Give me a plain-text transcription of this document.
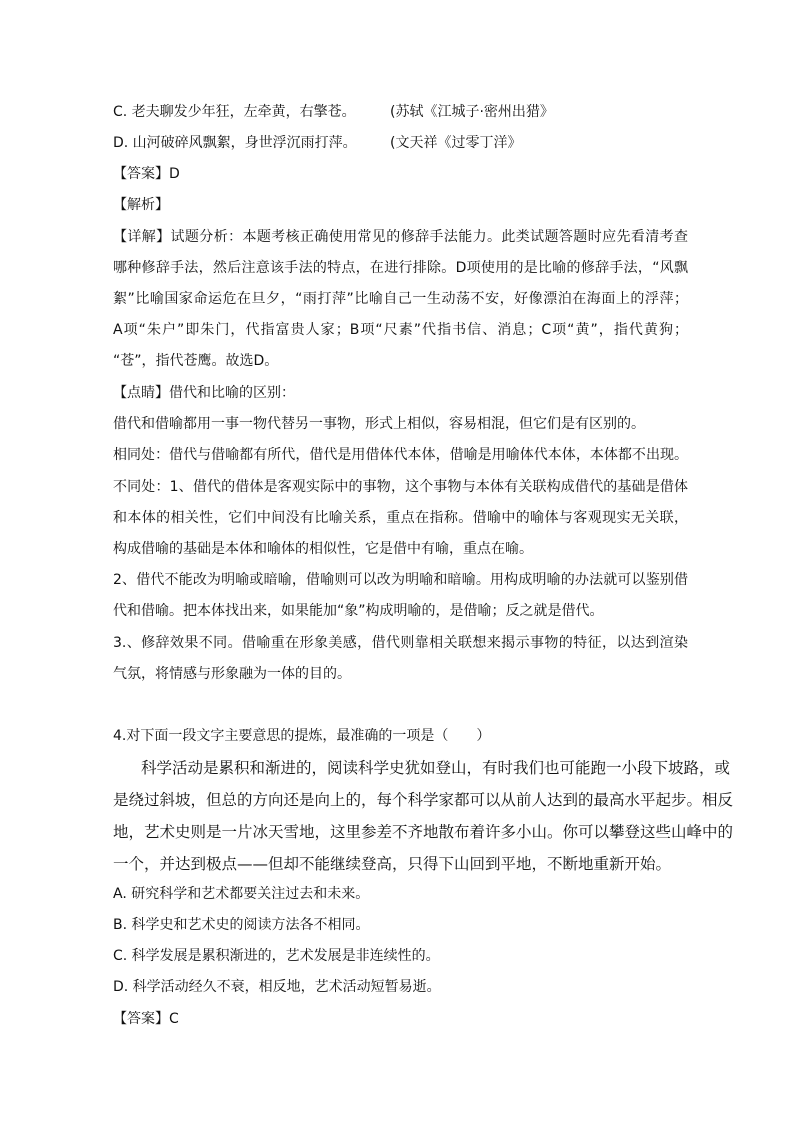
C. 老夫聊发少年狂，左牵黄，右擎苍。	(苏轼《江城子·密州出猎》
D. 山河破碎风飘絮，身世浮沉雨打萍。	(文天祥《过零丁洋》
【答案】D
【解析】
【详解】试题分析：本题考核正确使用常见的修辞手法能力。此类试题答题时应先看清考查
哪种修辞手法，然后注意该手法的特点，在进行排除。D项使用的是比喻的修辞手法，“风飘
絮”比喻国家命运危在旦夕，“雨打萍”比喻自己一生动荡不安，好像漂泊在海面上的浮萍；
A项“朱户”即朱门，代指富贵人家；B项“尺素”代指书信、消息；C项“黄”，指代黄狗；
“苍”，指代苍鹰。故选D。
【点睛】借代和比喻的区别：
借代和借喻都用一事一物代替另一事物，形式上相似，容易相混，但它们是有区别的。
相同处：借代与借喻都有所代，借代是用借体代本体，借喻是用喻体代本体，本体都不出现。
不同处：1、借代的借体是客观实际中的事物，这个事物与本体有关联构成借代的基础是借体
和本体的相关性，它们中间没有比喻关系，重点在指称。借喻中的喻体与客观现实无关联，
构成借喻的基础是本体和喻体的相似性，它是借中有喻，重点在喻。
2、借代不能改为明喻或暗喻，借喻则可以改为明喻和暗喻。用构成明喻的办法就可以鉴别借
代和借喻。把本体找出来，如果能加“象”构成明喻的，是借喻；反之就是借代。
3.、修辞效果不同。借喻重在形象美感，借代则靠相关联想来揭示事物的特征，以达到渲染
气氛，将情感与形象融为一体的目的。
4.对下面一段文字主要意思的提炼，最准确的一项是（　　）
科学活动是累积和渐进的，阅读科学史犹如登山，有时我们也可能跑一小段下坡路，或
是绕过斜坡，但总的方向还是向上的，每个科学家都可以从前人达到的最高水平起步。相反
地，艺术史则是一片冰天雪地，这里参差不齐地散布着许多小山。你可以攀登这些山峰中的
一个，并达到极点——但却不能继续登高，只得下山回到平地，不断地重新开始。
A. 研究科学和艺术都要关注过去和未来。
B. 科学史和艺术史的阅读方法各不相同。
C. 科学发展是累积渐进的，艺术发展是非连续性的。
D. 科学活动经久不衰，相反地，艺术活动短暂易逝。
【答案】C
